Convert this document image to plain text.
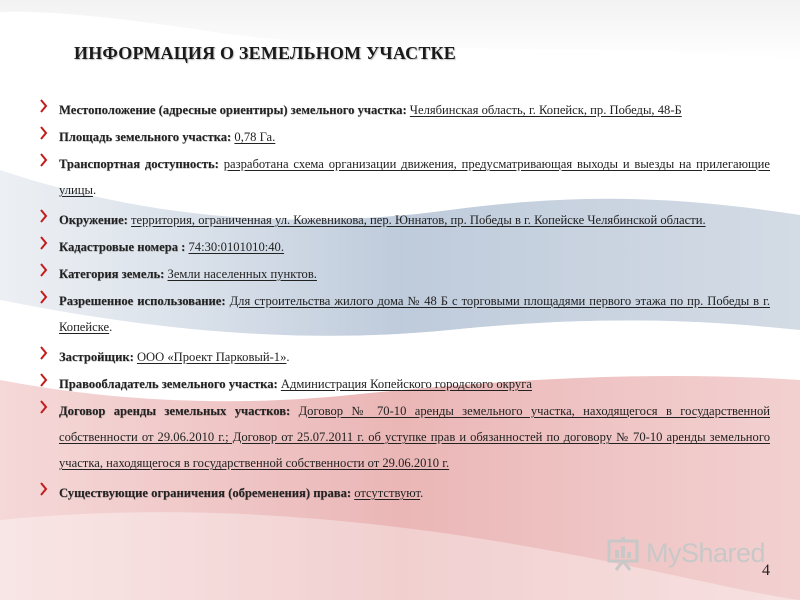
ИНФОРМАЦИЯ О ЗЕМЕЛЬНОМ УЧАСТКЕ
Местоположение (адресные ориентиры) земельного участка: Челябинская область, г. Копейск, пр. Победы, 48-Б
Площадь земельного участка: 0,78 Га.
Транспортная доступность: разработана схема организации движения, предусматривающая выходы и выезды на прилегающие улицы.
Окружение: территория, ограниченная ул. Кожевникова, пер. Юннатов, пр. Победы в г. Копейске Челябинской области.
Кадастровые номера : 74:30:0101010:40.
Категория земель: Земли населенных пунктов.
Разрешенное использование: Для строительства жилого дома № 48 Б с торговыми площадями первого этажа по пр. Победы в г. Копейске.
Застройщик: ООО «Проект Парковый-1».
Правообладатель земельного участка: Администрация Копейского городского округа
Договор аренды земельных участков: Договор № 70-10 аренды земельного участка, находящегося в государственной собственности от 29.06.2010 г.; Договор от 25.07.2011 г. об уступке прав и обязанностей по договору № 70-10 аренды земельного участка, находящегося в государственной собственности от 29.06.2010 г.
Существующие ограничения (обременения) права: отсутствуют.
MyShared
4
